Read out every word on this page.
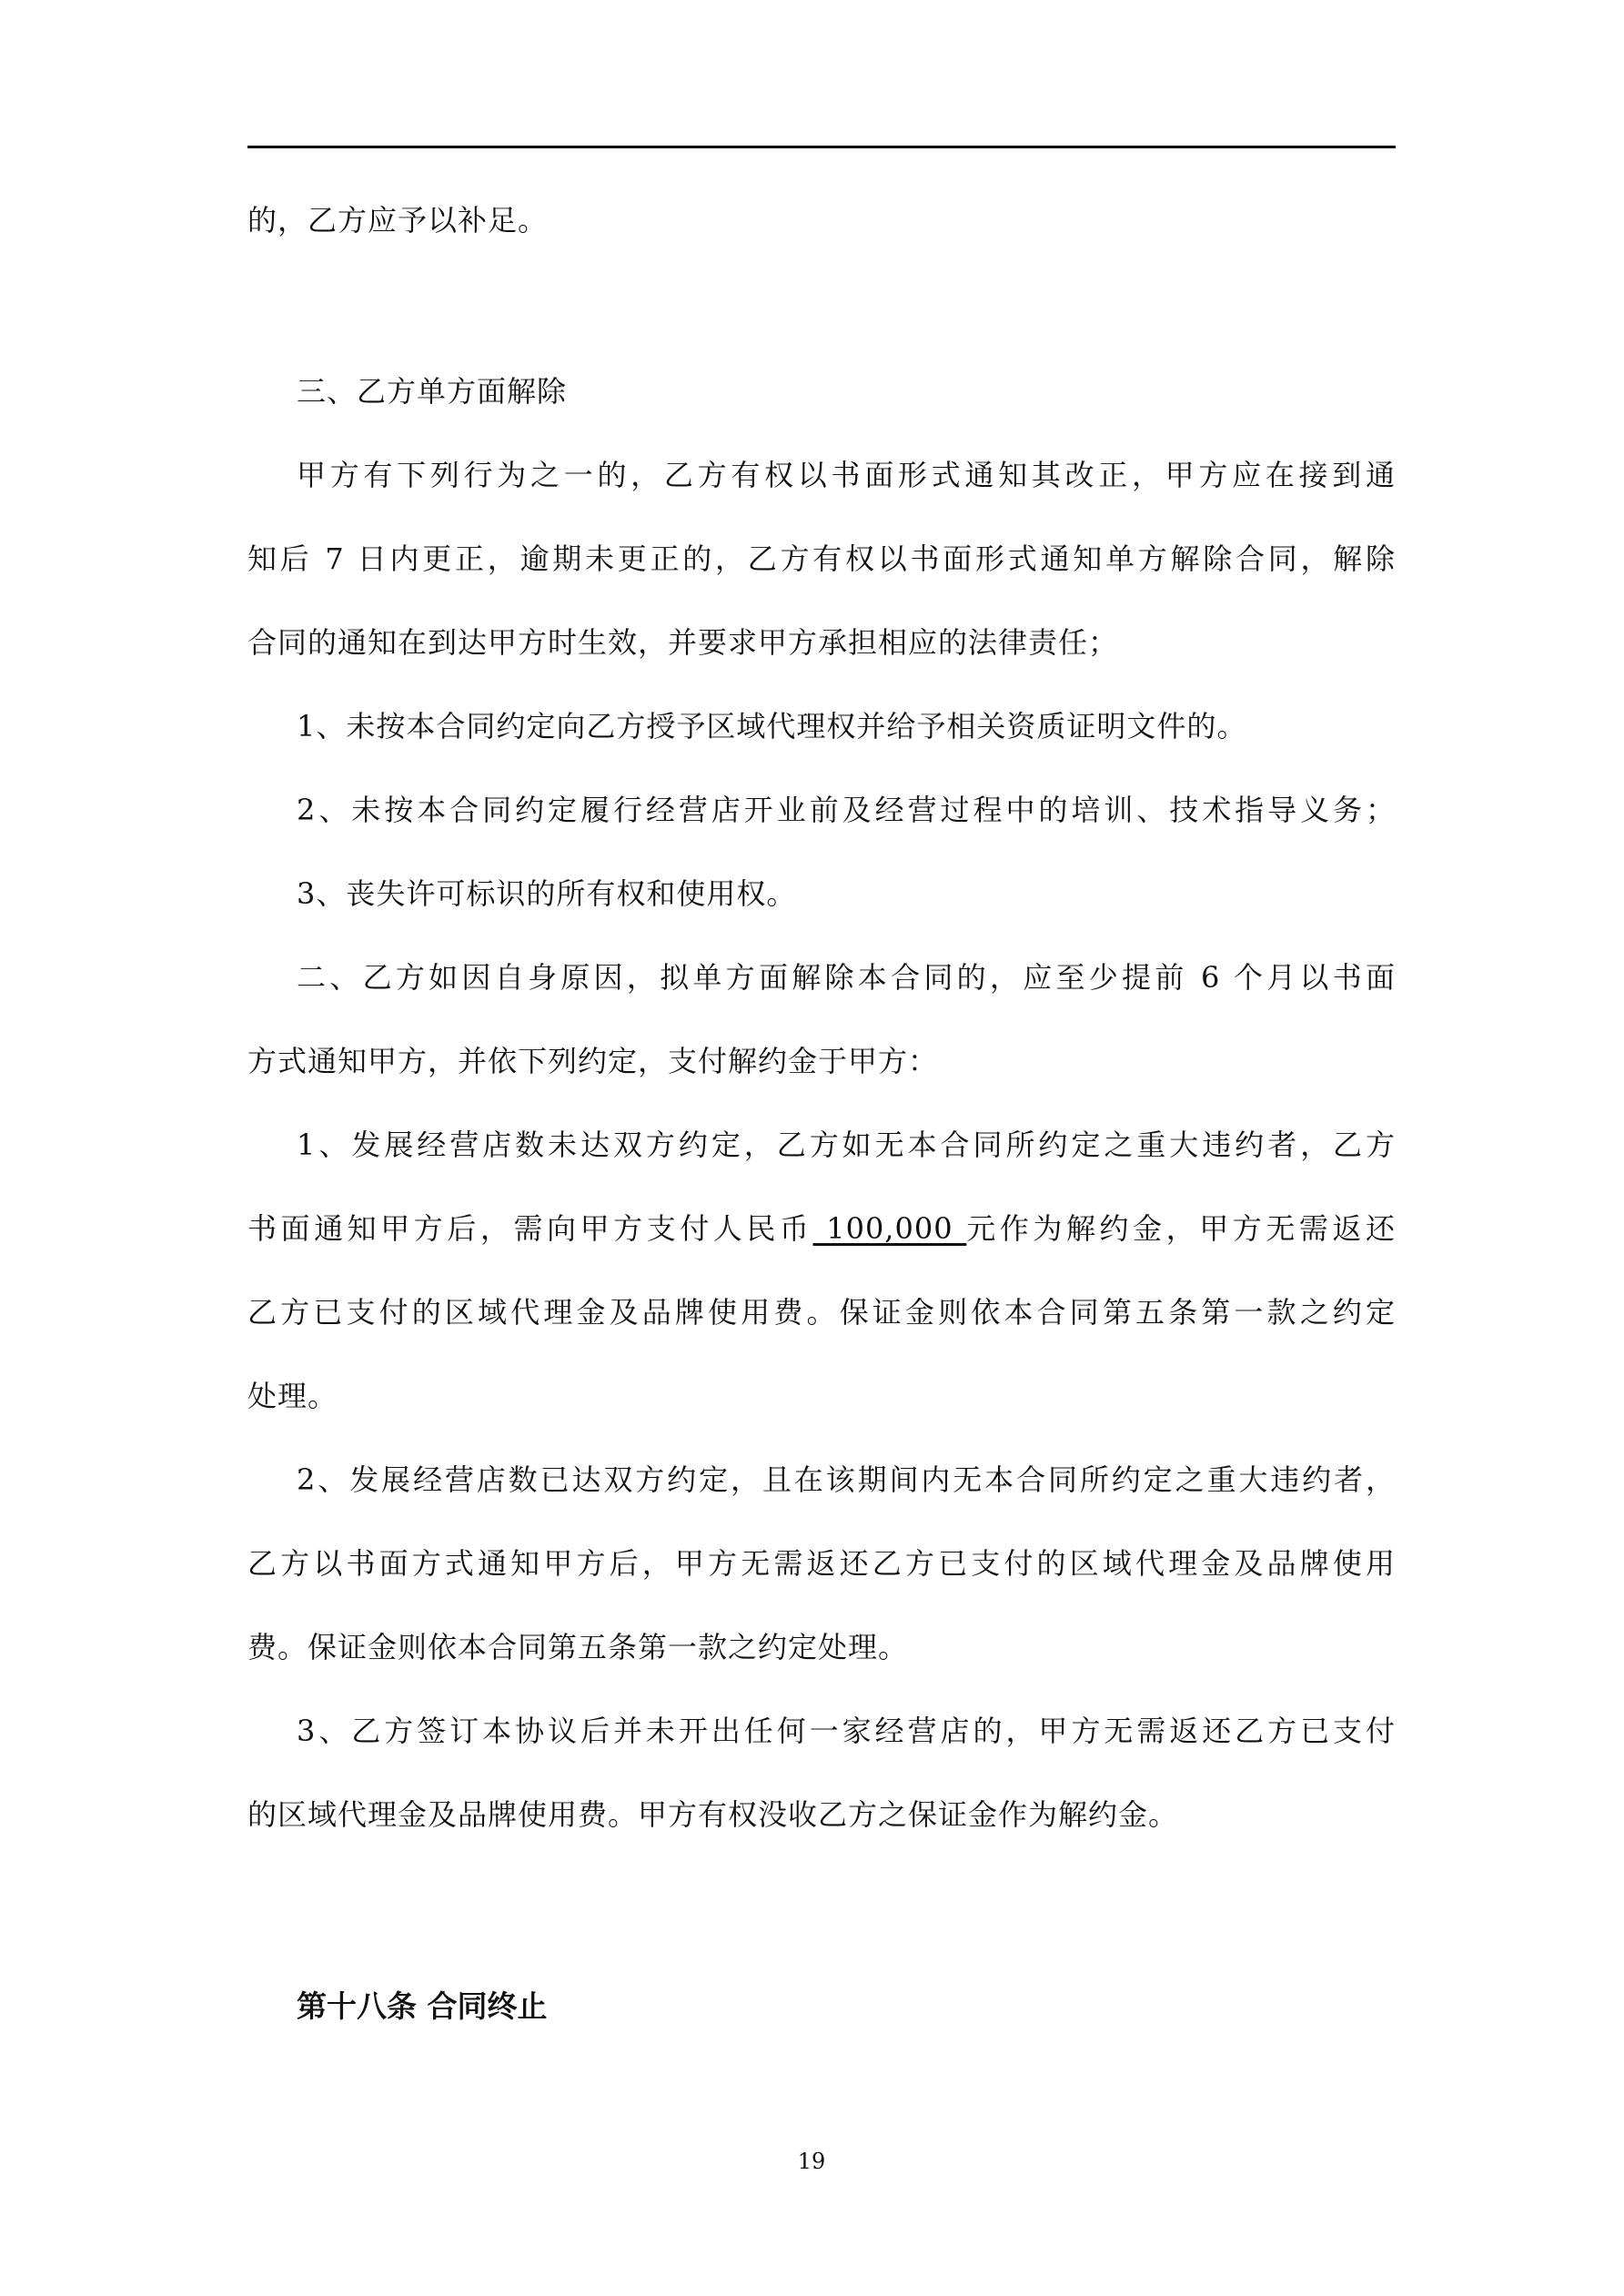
的，乙方应予以补足。
三、乙方单方面解除
甲方有下列行为之一的，乙方有权以书面形式通知其改正，甲方应在接到通
知后 7 日内更正，逾期未更正的，乙方有权以书面形式通知单方解除合同，解除
合同的通知在到达甲方时生效，并要求甲方承担相应的法律责任；
1、未按本合同约定向乙方授予区域代理权并给予相关资质证明文件的。
2、未按本合同约定履行经营店开业前及经营过程中的培训、技术指导义务；
3、丧失许可标识的所有权和使用权。
二、乙方如因自身原因，拟单方面解除本合同的，应至少提前 6 个月以书面
方式通知甲方，并依下列约定，支付解约金于甲方：
1、发展经营店数未达双方约定，乙方如无本合同所约定之重大违约者，乙方
书面通知甲方后，需向甲方支付人民币 100,000 元作为解约金，甲方无需返还
乙方已支付的区域代理金及品牌使用费。保证金则依本合同第五条第一款之约定
处理。
2、发展经营店数已达双方约定，且在该期间内无本合同所约定之重大违约者，
乙方以书面方式通知甲方后，甲方无需返还乙方已支付的区域代理金及品牌使用
费。保证金则依本合同第五条第一款之约定处理。
3、乙方签订本协议后并未开出任何一家经营店的，甲方无需返还乙方已支付
的区域代理金及品牌使用费。甲方有权没收乙方之保证金作为解约金。
第十八条 合同终止
19
